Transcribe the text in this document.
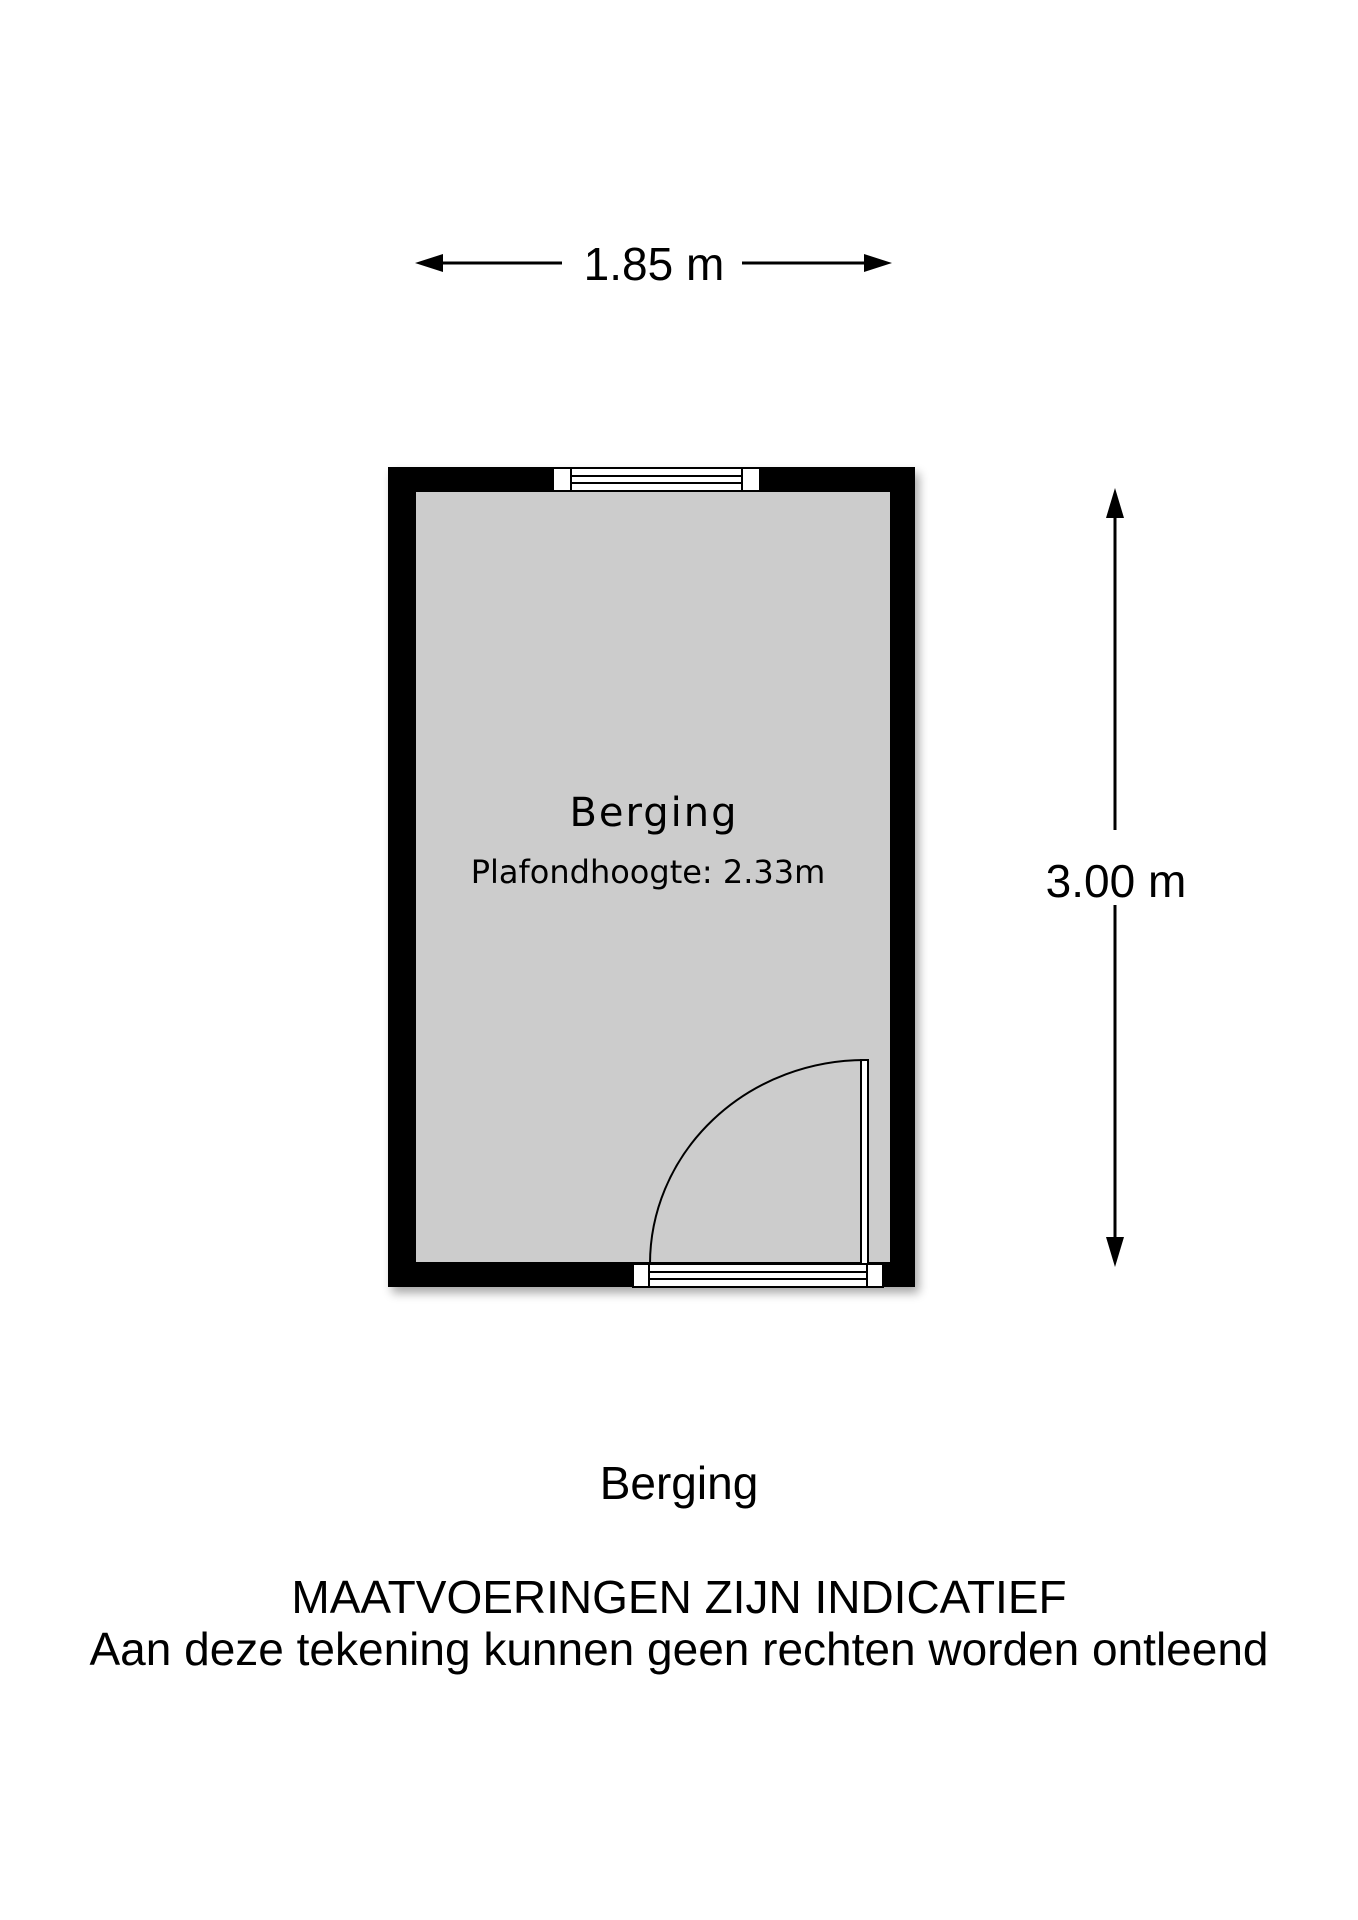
1.85 m
3.00 m
Berging
Plafondhoogte: 2.33m
Berging
MAATVOERINGEN ZIJN INDICATIEF
Aan deze tekening kunnen geen rechten worden ontleend
